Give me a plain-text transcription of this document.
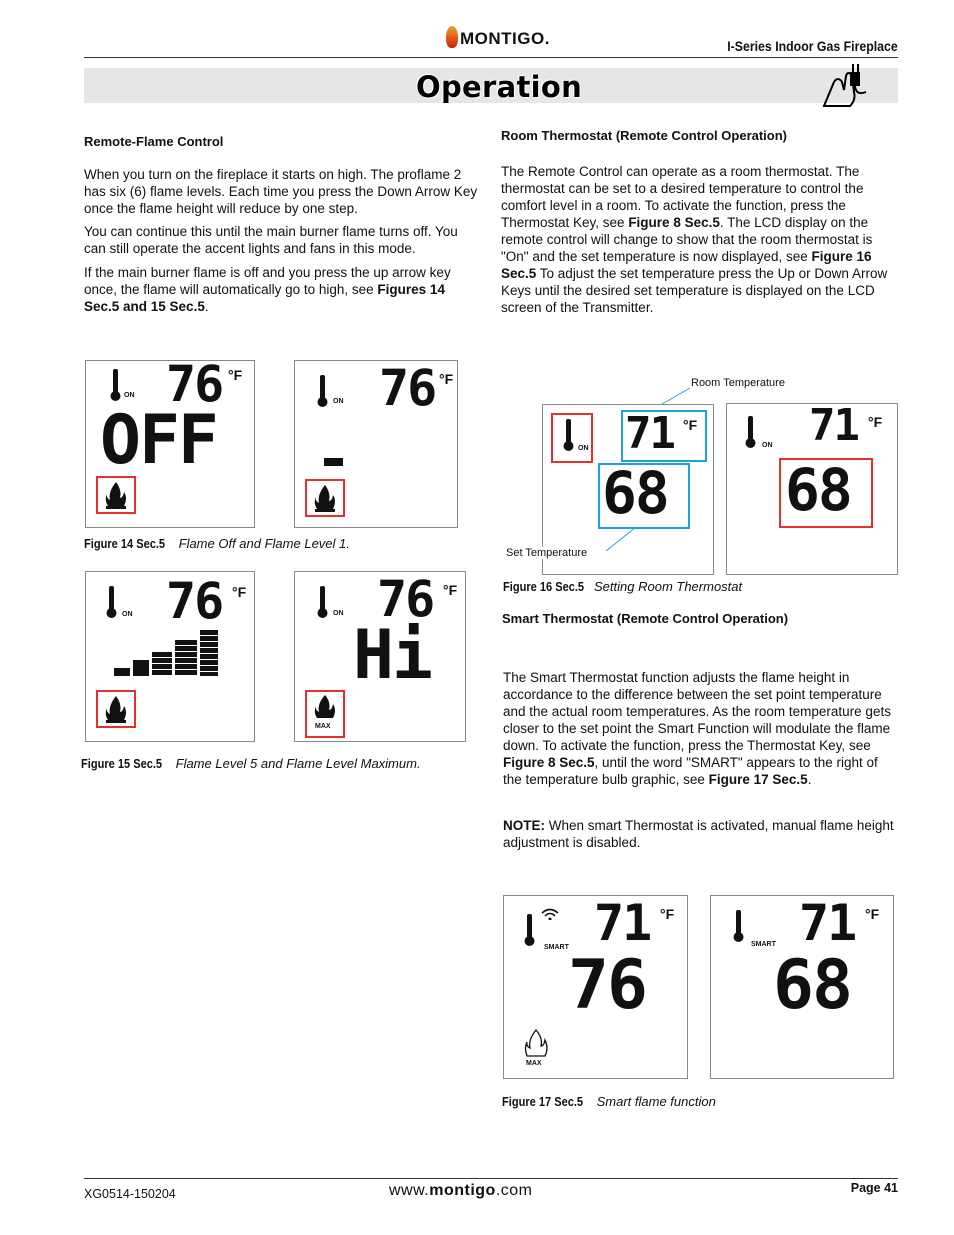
MONTIGO.	I-Series Indoor Gas Fireplace
Operation
Remote-Flame Control
When you turn on the fireplace it starts on high. The proflame 2 has six (6) flame levels. Each time you press the Down Arrow Key once the flame height will reduce by one step.
You can continue this until the main burner flame turns off. You can still operate the accent lights and fans in this mode.
If the main burner flame is off and you press the up arrow key once, the flame will automatically go to high, see Figures 14 Sec.5 and 15 Sec.5.
Room Thermostat (Remote Control Operation)
The Remote Control can operate as a room thermostat. The thermostat can be set to a desired temperature to control the comfort level in a room. To activate the function, press the Thermostat Key, see Figure 8 Sec.5. The LCD display on the remote control will change to show that the room thermostat is "On" and the set temperature is now displayed, see Figure 16 Sec.5 To adjust the set temperature press the Up or Down Arrow Keys until the desired set temperature is displayed on the LCD screen of the Transmitter.
ON 76 °F
OFF	ON 76 °F
Figure 14 Sec.5 Flame Off and Flame Level 1.
ON 76 °F
ON 76 °F
Hi
MAX
Figure 15 Sec.5 Flame Level 5 and Flame Level Maximum.
Room Temperature
ON 71 °F
68
Set Temperature
ON 71 °F
68
Figure 16 Sec.5 Setting Room Thermostat
Smart Thermostat (Remote Control Operation)
The Smart Thermostat function adjusts the flame height in accordance to the difference between the set point temperature and the actual room temperatures. As the room temperature gets closer to the set point the Smart Function will modulate the flame down. To activate the function, press the Thermostat Key, see Figure 8 Sec.5, until the word "SMART" appears to the right of the temperature bulb graphic, see Figure 17 Sec.5.
NOTE: When smart Thermostat is activated, manual flame height adjustment is disabled.
SMART 71 °F
76
MAX
SMART 71 °F
68
Figure 17 Sec.5 Smart flame function
XG0514-150204	www.montigo.com	Page 41
